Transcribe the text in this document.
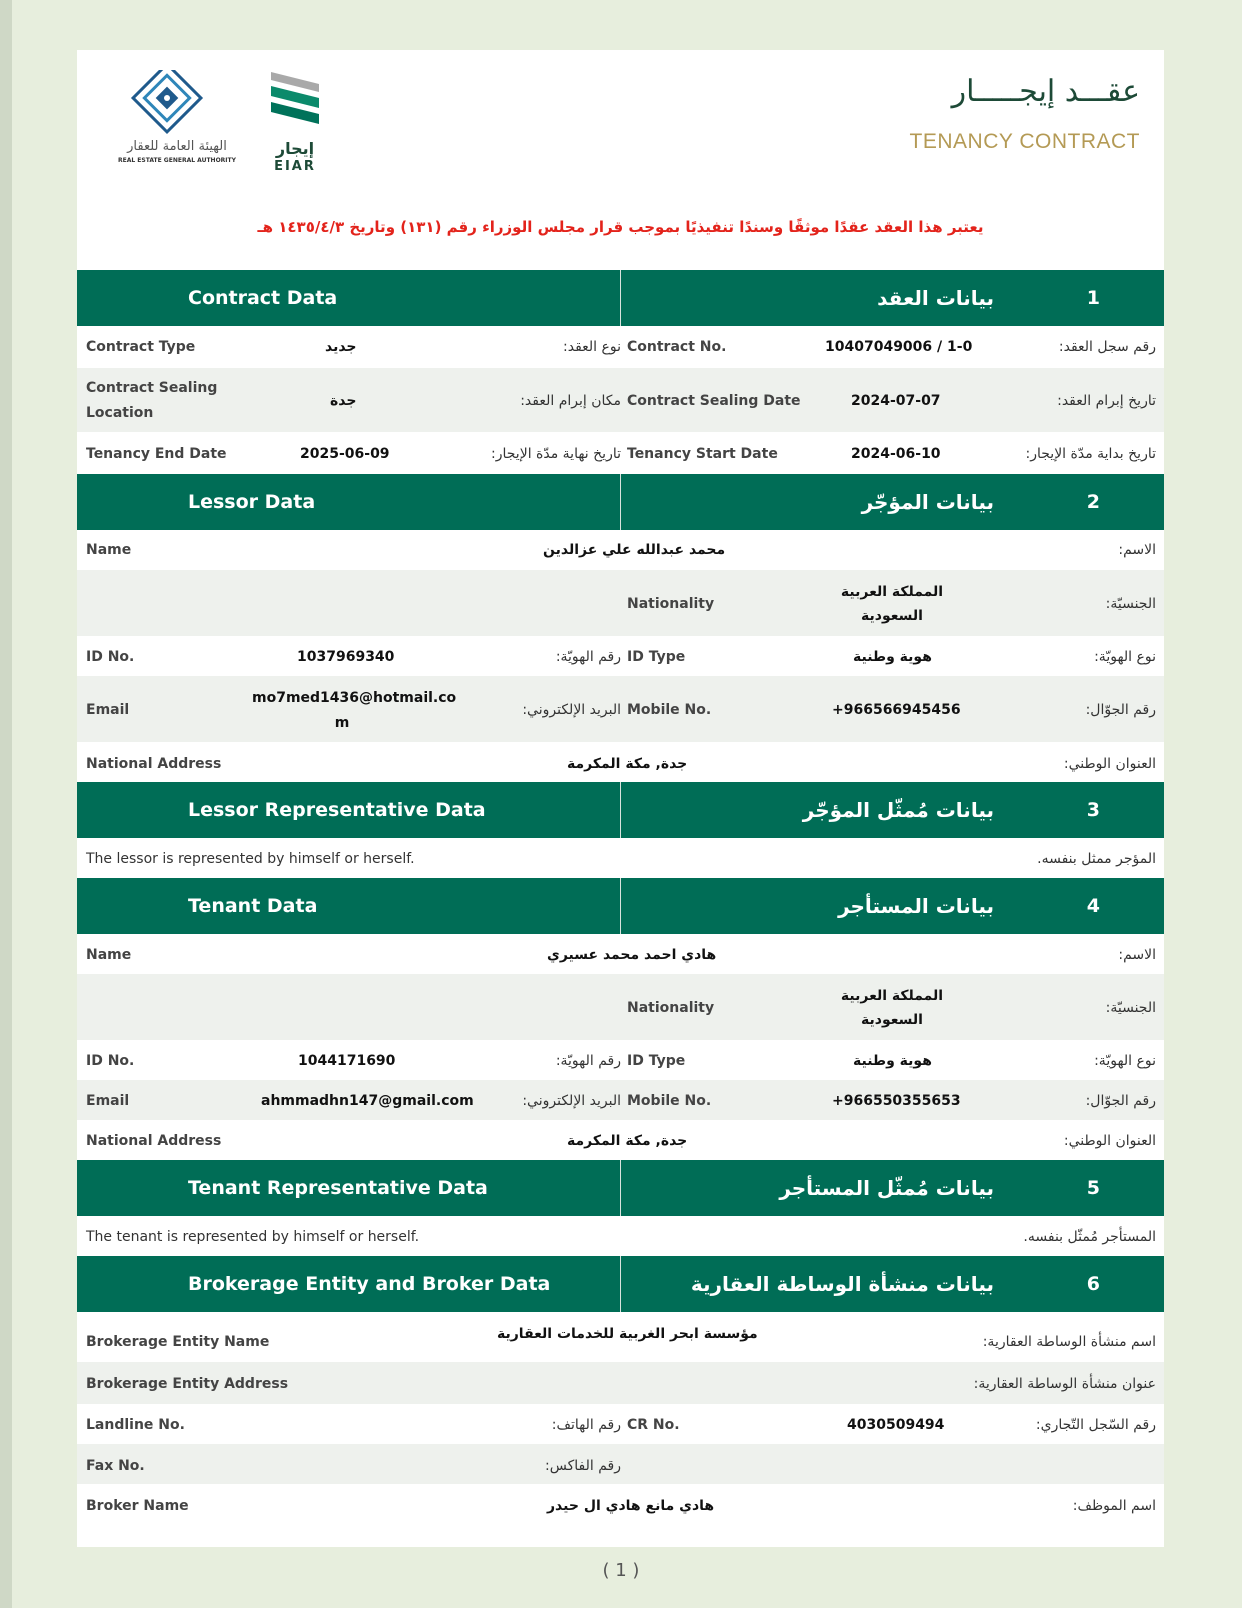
الهيئة العامة للعقار
REAL ESTATE GENERAL AUTHORITY
إيجار
EJAR
عقـــد إيجـــــار
TENANCY CONTRACT
يعتبر هذا العقد عقدًا موثقًا وسندًا تنفيذيًا بموجب قرار مجلس الوزراء رقم (١٣١) وتاريخ ١٤٣٥/٤/٣ هـ
Contract Data	بيانات العقد	1
Contract Type	جديد	نوع العقد: Contract No.	10407049006 / 1-0	رقم سجل العقد:
Contract Sealing
Location
جدة	مكان إبرام العقد: Contract Sealing Date	2024-07-07	تاريخ إبرام العقد:
Tenancy End Date	2025-06-09	تاريخ نهاية مدّة الإيجار: Tenancy Start Date	2024-06-10	تاريخ بداية مدّة الإيجار:
Lessor Data	بيانات المؤجّر	2
Name	محمد عبدالله علي عزالدين	الاسم:
Nationality
المملكة العربية
السعودية
الجنسيّة:
ID No.	1037969340	رقم الهويّة: ID Type	هوية وطنية	نوع الهويّة:
Email
mo7med1436@hotmail.co
m
البريد الإلكتروني: Mobile No.	+966566945456	رقم الجوّال:
National Address	جدة, مكة المكرمة	العنوان الوطني:
Lessor Representative Data	بيانات مُمثّل المؤجّر	3
The lessor is represented by himself or herself.	المؤجر ممثل بنفسه.
Tenant Data	بيانات المستأجر	4
Name	هادي احمد محمد عسيري	الاسم:
Nationality
المملكة العربية
السعودية
الجنسيّة:
ID No.	1044171690	رقم الهويّة: ID Type	هوية وطنية	نوع الهويّة:
Email	ahmmadhn147@gmail.com	البريد الإلكتروني: Mobile No.	+966550355653	رقم الجوّال:
National Address	جدة, مكة المكرمة	العنوان الوطني:
Tenant Representative Data	بيانات مُمثّل المستأجر	5
The tenant is represented by himself or herself.	المستأجر مُمثّل بنفسه.
Brokerage Entity and Broker Data	بيانات منشأة الوساطة العقارية	6
Brokerage Entity Name	مؤسسة ابحر الغربية للخدمات العقارية	اسم منشأة الوساطة العقارية:
Brokerage Entity Address	عنوان منشأة الوساطة العقارية:
Landline No.	رقم الهاتف: CR No.	4030509494	رقم السّجل التّجاري:
Fax No.	رقم الفاكس:
Broker Name	هادي مانع هادي ال حيدر	اسم الموظف:
( 1 )
